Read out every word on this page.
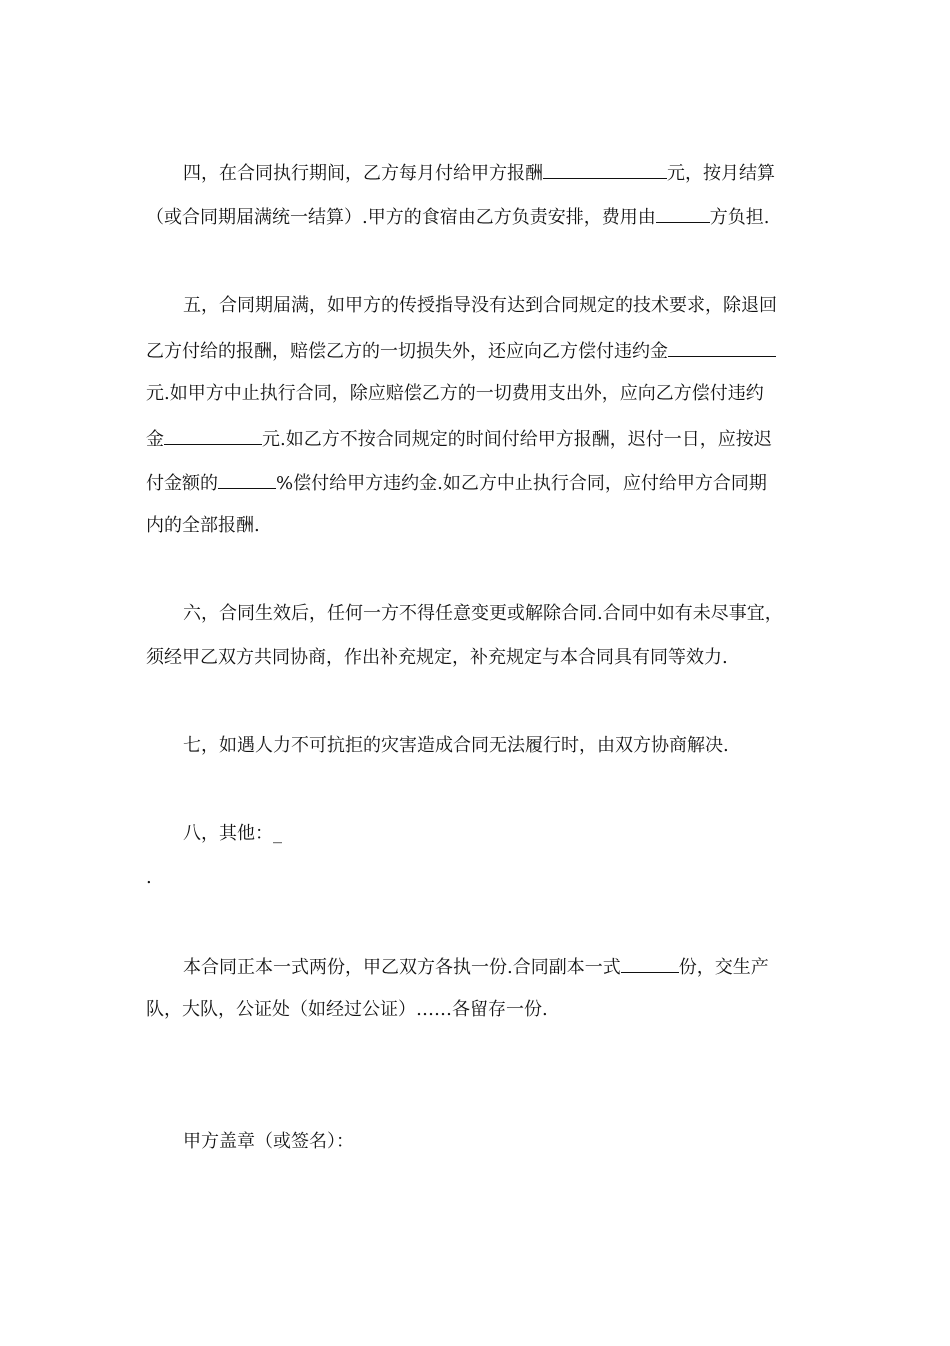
四，在合同执行期间，乙方每月付给甲方报酬	元，按月结算
（或合同期届满统一结算）.甲方的食宿由乙方负责安排，费用由	方负担.
五，合同期届满，如甲方的传授指导没有达到合同规定的技术要求，除退回
乙方付给的报酬，赔偿乙方的一切损失外，还应向乙方偿付违约金
元.如甲方中止执行合同，除应赔偿乙方的一切费用支出外，应向乙方偿付违约
金	元.如乙方不按合同规定的时间付给甲方报酬，迟付一日，应按迟
付金额的	%偿付给甲方违约金.如乙方中止执行合同，应付给甲方合同期
内的全部报酬.
六，合同生效后，任何一方不得任意变更或解除合同.合同中如有未尽事宜，
须经甲乙双方共同协商，作出补充规定，补充规定与本合同具有同等效力.
七，如遇人力不可抗拒的灾害造成合同无法履行时，由双方协商解决.
八，其他：_
.
本合同正本一式两份，甲乙双方各执一份.合同副本一式	份，交生产
队，大队，公证处（如经过公证）……各留存一份.
甲方盖章（或签名）：
